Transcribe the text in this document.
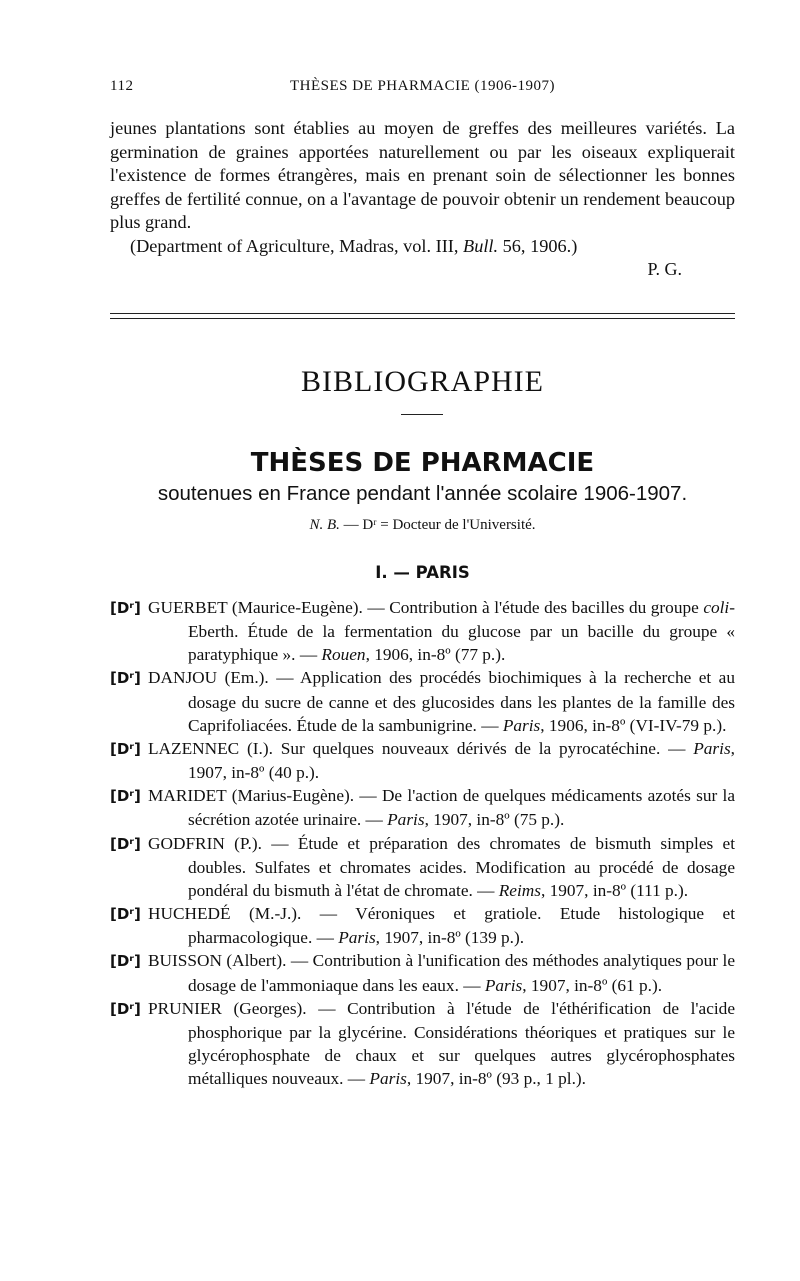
112	THÈSES DE PHARMACIE (1906-1907)
jeunes plantations sont établies au moyen de greffes des meilleures variétés. La germination de graines apportées naturellement ou par les oiseaux expliquerait l'existence de formes étrangères, mais en prenant soin de sélectionner les bonnes greffes de fertilité connue, on a l'avantage de pouvoir obtenir un rendement beaucoup plus grand.
(Department of Agriculture, Madras, vol. III, Bull. 56, 1906.)
P. G.
BIBLIOGRAPHIE
THÈSES DE PHARMACIE
soutenues en France pendant l'année scolaire 1906-1907.
N. B. — Dʳ = Docteur de l'Université.
I. — PARIS

[Dʳ] GUERBET (Maurice-Eugène). — Contribution à l'étude des bacilles du groupe coli-Eberth. Étude de la fermentation du glucose par un bacille du groupe « paratyphique ». — Rouen, 1906, in-8º (77 p.).

[Dʳ] DANJOU (Em.). — Application des procédés biochimiques à la recherche et au dosage du sucre de canne et des glucosides dans les plantes de la famille des Caprifoliacées. Étude de la sambunigrine. — Paris, 1906, in-8º (VI-IV-79 p.).

[Dʳ] LAZENNEC (I.). Sur quelques nouveaux dérivés de la pyrocatéchine. — Paris, 1907, in-8º (40 p.).

[Dʳ] MARIDET (Marius-Eugène). — De l'action de quelques médicaments azotés sur la sécrétion azotée urinaire. — Paris, 1907, in-8º (75 p.).

[Dʳ] GODFRIN (P.). — Étude et préparation des chromates de bismuth simples et doubles. Sulfates et chromates acides. Modification au procédé de dosage pondéral du bismuth à l'état de chromate. — Reims, 1907, in-8º (111 p.).

[Dʳ] HUCHEDÉ (M.-J.). — Véroniques et gratiole. Etude histologique et pharmacologique. — Paris, 1907, in-8º (139 p.).

[Dʳ] BUISSON (Albert). — Contribution à l'unification des méthodes analytiques pour le dosage de l'ammoniaque dans les eaux. — Paris, 1907, in-8º (61 p.).

[Dʳ] PRUNIER (Georges). — Contribution à l'étude de l'éthérification de l'acide phosphorique par la glycérine. Considérations théoriques et pratiques sur le glycérophosphate de chaux et sur quelques autres glycérophosphates métalliques nouveaux. — Paris, 1907, in-8º (93 p., 1 pl.).
